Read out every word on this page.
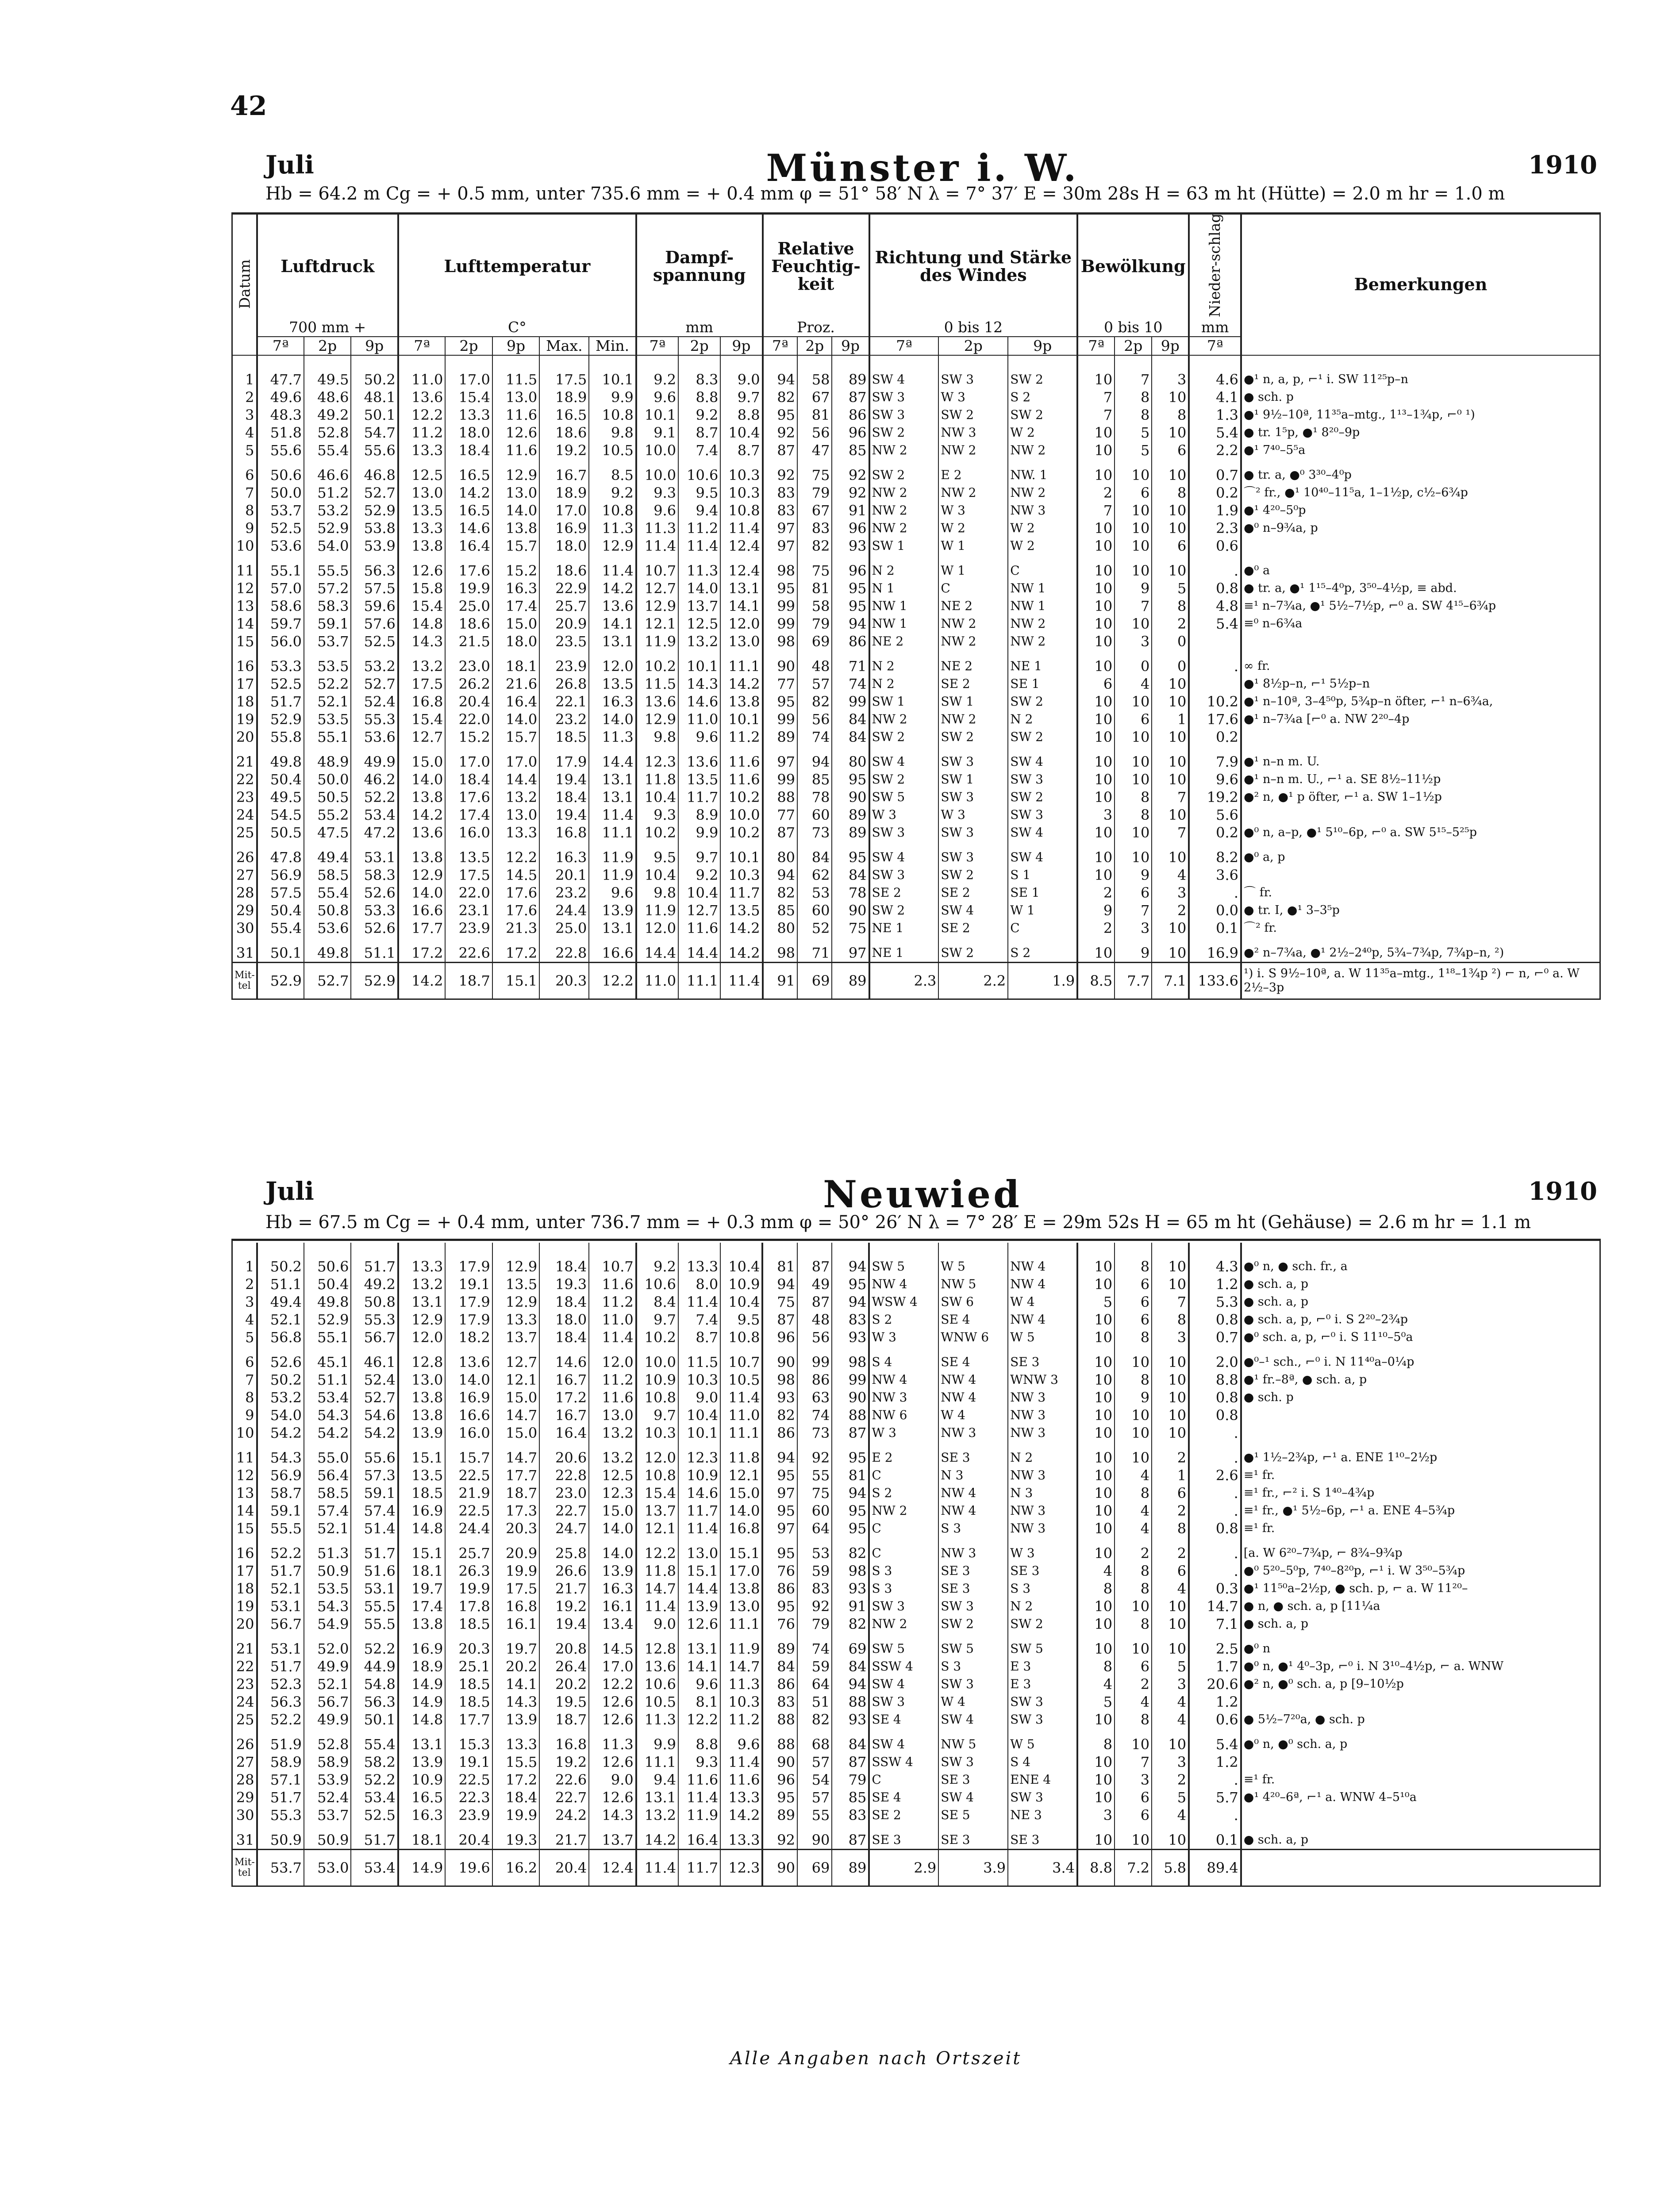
42
Juli	Münster i. W.	1910
Hb = 64.2 m Cg = + 0.5 mm, unter 735.6 mm = + 0.4 mm φ = 51° 58′ N λ = 7° 37′ E = 30m 28s H = 63 m ht (Hütte) = 2.0 m hr = 1.0 m
Datum	Luftdruck			Lufttemperatur					Dampf-spannung			Relative Feuchtig-keit			Richtung und Stärke des Windes			Bewölkung			Nieder-schlag	Bemerkungen
	700 mm +			C°					mm			Proz.			0 bis 12			0 bis 10			mm	
	7ª	2p	9p	7ª	2p	9p	Max.	Min.	7ª	2p	9p	7ª	2p	9p	7ª	2p	9p	7ª	2p	9p	7ª	

1	47.7	49.5	50.2	11.0	17.0	11.5	17.5	10.1	9.2	8.3	9.0	94	58	89	SW 4	SW 3	SW 2	10	7	3	4.6	●¹ n, a, p, ⌐¹ i. SW 11²⁵p–n
2	49.6	48.6	48.1	13.6	15.4	13.0	18.9	9.9	9.6	8.8	9.7	82	67	87	SW 3	W 3	S 2	7	8	10	4.1	● sch. p
3	48.3	49.2	50.1	12.2	13.3	11.6	16.5	10.8	10.1	9.2	8.8	95	81	86	SW 3	SW 2	SW 2	7	8	8	1.3	●¹ 9½–10ª, 11³⁵a–mtg., 1¹³–1¾p, ⌐⁰ ¹)
4	51.8	52.8	54.7	11.2	18.0	12.6	18.6	9.8	9.1	8.7	10.4	92	56	96	SW 2	NW 3	W 2	10	5	10	5.4	● tr. 1⁵p, ●¹ 8²⁰–9p
5	55.6	55.4	55.6	13.3	18.4	11.6	19.2	10.5	10.0	7.4	8.7	87	47	85	NW 2	NW 2	NW 2	10	5	6	2.2	●¹ 7⁴⁰–5⁵a

6	50.6	46.6	46.8	12.5	16.5	12.9	16.7	8.5	10.0	10.6	10.3	92	75	92	SW 2	E 2	NW. 1	10	10	10	0.7	● tr. a, ●⁰ 3³⁰–4⁰p
7	50.0	51.2	52.7	13.0	14.2	13.0	18.9	9.2	9.3	9.5	10.3	83	79	92	NW 2	NW 2	NW 2	2	6	8	0.2	⌒² fr., ●¹ 10⁴⁰–11⁵a, 1–1½p, c½–6¾p
8	53.7	53.2	52.9	13.5	16.5	14.0	17.0	10.8	9.6	9.4	10.8	83	67	91	NW 2	W 3	NW 3	7	10	10	1.9	●¹ 4²⁰–5⁰p
9	52.5	52.9	53.8	13.3	14.6	13.8	16.9	11.3	11.3	11.2	11.4	97	83	96	NW 2	W 2	W 2	10	10	10	2.3	●⁰ n–9¾a, p
10	53.6	54.0	53.9	13.8	16.4	15.7	18.0	12.9	11.4	11.4	12.4	97	82	93	SW 1	W 1	W 2	10	10	6	0.6	

11	55.1	55.5	56.3	12.6	17.6	15.2	18.6	11.4	10.7	11.3	12.4	98	75	96	N 2	W 1	C	10	10	10	.	●⁰ a
12	57.0	57.2	57.5	15.8	19.9	16.3	22.9	14.2	12.7	14.0	13.1	95	81	95	N 1	C	NW 1	10	9	5	0.8	● tr. a, ●¹ 1¹⁵–4⁰p, 3⁵⁰–4½p, ≡ abd.
13	58.6	58.3	59.6	15.4	25.0	17.4	25.7	13.6	12.9	13.7	14.1	99	58	95	NW 1	NE 2	NW 1	10	7	8	4.8	≡¹ n–7¾a, ●¹ 5½–7½p, ⌐⁰ a. SW 4¹⁵–6¾p
14	59.7	59.1	57.6	14.8	18.6	15.0	20.9	14.1	12.1	12.5	12.0	99	79	94	NW 1	NW 2	NW 2	10	10	2	5.4	≡⁰ n–6¾a
15	56.0	53.7	52.5	14.3	21.5	18.0	23.5	13.1	11.9	13.2	13.0	98	69	86	NE 2	NW 2	NW 2	10	3	0		

16	53.3	53.5	53.2	13.2	23.0	18.1	23.9	12.0	10.2	10.1	11.1	90	48	71	N 2	NE 2	NE 1	10	0	0	.	∞ fr.
17	52.5	52.2	52.7	17.5	26.2	21.6	26.8	13.5	11.5	14.3	14.2	77	57	74	N 2	SE 2	SE 1	6	4	10		●¹ 8½p–n, ⌐¹ 5½p–n
18	51.7	52.1	52.4	16.8	20.4	16.4	22.1	16.3	13.6	14.6	13.8	95	82	99	SW 1	SW 1	SW 2	10	10	10	10.2	●¹ n–10ª, 3–4⁵⁰p, 5¾p–n öfter, ⌐¹ n–6¾a,
19	52.9	53.5	55.3	15.4	22.0	14.0	23.2	14.0	12.9	11.0	10.1	99	56	84	NW 2	NW 2	N 2	10	6	1	17.6	●¹ n–7¾a [⌐⁰ a. NW 2²⁰–4p
20	55.8	55.1	53.6	12.7	15.2	15.7	18.5	11.3	9.8	9.6	11.2	89	74	84	SW 2	SW 2	SW 2	10	10	10	0.2	

21	49.8	48.9	49.9	15.0	17.0	17.0	17.9	14.4	12.3	13.6	11.6	97	94	80	SW 4	SW 3	SW 4	10	10	10	7.9	●¹ n–n m. U.
22	50.4	50.0	46.2	14.0	18.4	14.4	19.4	13.1	11.8	13.5	11.6	99	85	95	SW 2	SW 1	SW 3	10	10	10	9.6	●¹ n–n m. U., ⌐¹ a. SE 8½–11½p
23	49.5	50.5	52.2	13.8	17.6	13.2	18.4	13.1	10.4	11.7	10.2	88	78	90	SW 5	SW 3	SW 2	10	8	7	19.2	●² n, ●¹ p öfter, ⌐¹ a. SW 1–1½p
24	54.5	55.2	53.4	14.2	17.4	13.0	19.4	11.4	9.3	8.9	10.0	77	60	89	W 3	W 3	SW 3	3	8	10	5.6	
25	50.5	47.5	47.2	13.6	16.0	13.3	16.8	11.1	10.2	9.9	10.2	87	73	89	SW 3	SW 3	SW 4	10	10	7	0.2	●⁰ n, a–p, ●¹ 5¹⁰–6p, ⌐⁰ a. SW 5¹⁵–5²⁵p

26	47.8	49.4	53.1	13.8	13.5	12.2	16.3	11.9	9.5	9.7	10.1	80	84	95	SW 4	SW 3	SW 4	10	10	10	8.2	●⁰ a, p
27	56.9	58.5	58.3	12.9	17.5	14.5	20.1	11.9	10.4	9.2	10.3	94	62	84	SW 3	SW 2	S 1	10	9	4	3.6	
28	57.5	55.4	52.6	14.0	22.0	17.6	23.2	9.6	9.8	10.4	11.7	82	53	78	SE 2	SE 2	SE 1	2	6	3	.	⌒ fr.
29	50.4	50.8	53.3	16.6	23.1	17.6	24.4	13.9	11.9	12.7	13.5	85	60	90	SW 2	SW 4	W 1	9	7	2	0.0	● tr. I, ●¹ 3–3⁵p
30	55.4	53.6	52.6	17.7	23.9	21.3	25.0	13.1	12.0	11.6	14.2	80	52	75	NE 1	SE 2	C	2	3	10	0.1	⌒² fr.

31	50.1	49.8	51.1	17.2	22.6	17.2	22.8	16.6	14.4	14.4	14.2	98	71	97	NE 1	SW 2	S 2	10	9	10	16.9	●² n–7¾a, ●¹ 2½–2⁴⁰p, 5¾–7¾p, 7¾p–n, ²)
Mit-tel	52.9	52.7	52.9	14.2	18.7	15.1	20.3	12.2	11.0	11.1	11.4	91	69	89	2.3	2.2	1.9	8.5	7.7	7.1	133.6	¹) i. S 9½–10ª, a. W 11³⁵a–mtg., 1¹⁸–1¾p ²) ⌐ n, ⌐⁰ a. W 2½–3p
Juli	Neuwied	1910
Hb = 67.5 m Cg = + 0.4 mm, unter 736.7 mm = + 0.3 mm φ = 50° 26′ N λ = 7° 28′ E = 29m 52s H = 65 m ht (Gehäuse) = 2.6 m hr = 1.1 m

1	50.2	50.6	51.7	13.3	17.9	12.9	18.4	10.7	9.2	13.3	10.4	81	87	94	SW 5	W 5	NW 4	10	8	10	4.3	●⁰ n, ● sch. fr., a
2	51.1	50.4	49.2	13.2	19.1	13.5	19.3	11.6	10.6	8.0	10.9	94	49	95	NW 4	NW 5	NW 4	10	6	10	1.2	● sch. a, p
3	49.4	49.8	50.8	13.1	17.9	12.9	18.4	11.2	8.4	11.4	10.4	75	87	94	WSW 4	SW 6	W 4	5	6	7	5.3	● sch. a, p
4	52.1	52.9	55.3	12.9	17.9	13.3	18.0	11.0	9.7	7.4	9.5	87	48	83	S 2	SE 4	NW 4	10	6	8	0.8	● sch. a, p, ⌐⁰ i. S 2²⁰–2¾p
5	56.8	55.1	56.7	12.0	18.2	13.7	18.4	11.4	10.2	8.7	10.8	96	56	93	W 3	WNW 6	W 5	10	8	3	0.7	●⁰ sch. a, p, ⌐⁰ i. S 11¹⁰–5⁰a

6	52.6	45.1	46.1	12.8	13.6	12.7	14.6	12.0	10.0	11.5	10.7	90	99	98	S 4	SE 4	SE 3	10	10	10	2.0	●⁰–¹ sch., ⌐⁰ i. N 11⁴⁰a–0¼p
7	50.2	51.1	52.4	13.0	14.0	12.1	16.7	11.2	10.9	10.3	10.5	98	86	99	NW 4	NW 4	WNW 3	10	8	10	8.8	●¹ fr.–8ª, ● sch. a, p
8	53.2	53.4	52.7	13.8	16.9	15.0	17.2	11.6	10.8	9.0	11.4	93	63	90	NW 3	NW 4	NW 3	10	9	10	0.8	● sch. p
9	54.0	54.3	54.6	13.8	16.6	14.7	16.7	13.0	9.7	10.4	11.0	82	74	88	NW 6	W 4	NW 3	10	10	10	0.8	
10	54.2	54.2	54.2	13.9	16.0	15.0	16.4	13.2	10.3	10.1	11.1	86	73	87	W 3	NW 3	NW 3	10	10	10	.	

11	54.3	55.0	55.6	15.1	15.7	14.7	20.6	13.2	12.0	12.3	11.8	94	92	95	E 2	SE 3	N 2	10	10	2	.	●¹ 1½–2¾p, ⌐¹ a. ENE 1¹⁰–2½p
12	56.9	56.4	57.3	13.5	22.5	17.7	22.8	12.5	10.8	10.9	12.1	95	55	81	C	N 3	NW 3	10	4	1	2.6	≡¹ fr.
13	58.7	58.5	59.1	18.5	21.9	18.7	23.0	12.3	15.4	14.6	15.0	97	75	94	S 2	NW 4	N 3	10	8	6	.	≡¹ fr., ⌐² i. S 1⁴⁰–4¾p
14	59.1	57.4	57.4	16.9	22.5	17.3	22.7	15.0	13.7	11.7	14.0	95	60	95	NW 2	NW 4	NW 3	10	4	2	.	≡¹ fr., ●¹ 5½–6p, ⌐¹ a. ENE 4–5¾p
15	55.5	52.1	51.4	14.8	24.4	20.3	24.7	14.0	12.1	11.4	16.8	97	64	95	C	S 3	NW 3	10	4	8	0.8	≡¹ fr.

16	52.2	51.3	51.7	15.1	25.7	20.9	25.8	14.0	12.2	13.0	15.1	95	53	82	C	NW 3	W 3	10	2	2	.	[a. W 6²⁰–7¾p, ⌐ 8¾–9¾p
17	51.7	50.9	51.6	18.1	26.3	19.9	26.6	13.9	11.8	15.1	17.0	76	59	98	S 3	SE 3	SE 3	4	8	6	.	●⁰ 5²⁰–5⁰p, 7⁴⁰–8²⁰p, ⌐¹ i. W 3⁵⁰–5¾p
18	52.1	53.5	53.1	19.7	19.9	17.5	21.7	16.3	14.7	14.4	13.8	86	83	93	S 3	SE 3	S 3	8	8	4	0.3	●¹ 11⁵⁰a–2½p, ● sch. p, ⌐ a. W 11²⁰–
19	53.1	54.3	55.5	17.4	17.8	16.8	19.2	16.1	11.4	13.9	13.0	95	92	91	SW 3	SW 3	N 2	10	10	10	14.7	● n, ● sch. a, p [11¼a
20	56.7	54.9	55.5	13.8	18.5	16.1	19.4	13.4	9.0	12.6	11.1	76	79	82	NW 2	SW 2	SW 2	10	8	10	7.1	● sch. a, p

21	53.1	52.0	52.2	16.9	20.3	19.7	20.8	14.5	12.8	13.1	11.9	89	74	69	SW 5	SW 5	SW 5	10	10	10	2.5	●⁰ n
22	51.7	49.9	44.9	18.9	25.1	20.2	26.4	17.0	13.6	14.1	14.7	84	59	84	SSW 4	S 3	E 3	8	6	5	1.7	●⁰ n, ●¹ 4⁰–3p, ⌐⁰ i. N 3¹⁰–4½p, ⌐ a. WNW
23	52.3	52.1	54.8	14.9	18.5	14.1	20.2	12.2	10.6	9.6	11.3	86	64	94	SW 4	SW 3	E 3	4	2	3	20.6	●² n, ●⁰ sch. a, p [9–10½p
24	56.3	56.7	56.3	14.9	18.5	14.3	19.5	12.6	10.5	8.1	10.3	83	51	88	SW 3	W 4	SW 3	5	4	4	1.2	
25	52.2	49.9	50.1	14.8	17.7	13.9	18.7	12.6	11.3	12.2	11.2	88	82	93	SE 4	SW 4	SW 3	10	8	4	0.6	● 5½–7²⁰a, ● sch. p

26	51.9	52.8	55.4	13.1	15.3	13.3	16.8	11.3	9.9	8.8	9.6	88	68	84	SW 4	NW 5	W 5	8	10	10	5.4	●⁰ n, ●⁰ sch. a, p
27	58.9	58.9	58.2	13.9	19.1	15.5	19.2	12.6	11.1	9.3	11.4	90	57	87	SSW 4	SW 3	S 4	10	7	3	1.2	
28	57.1	53.9	52.2	10.9	22.5	17.2	22.6	9.0	9.4	11.6	11.6	96	54	79	C	SE 3	ENE 4	10	3	2	.	≡¹ fr.
29	51.7	52.4	53.4	16.5	22.3	18.4	22.7	12.6	13.1	11.4	13.3	95	57	85	SE 4	SW 4	SW 3	10	6	5	5.7	●¹ 4²⁰–6ª, ⌐¹ a. WNW 4–5¹⁰a
30	55.3	53.7	52.5	16.3	23.9	19.9	24.2	14.3	13.2	11.9	14.2	89	55	83	SE 2	SE 5	NE 3	3	6	4	.	

31	50.9	50.9	51.7	18.1	20.4	19.3	21.7	13.7	14.2	16.4	13.3	92	90	87	SE 3	SE 3	SE 3	10	10	10	0.1	● sch. a, p
Mit-tel	53.7	53.0	53.4	14.9	19.6	16.2	20.4	12.4	11.4	11.7	12.3	90	69	89	2.9	3.9	3.4	8.8	7.2	5.8	89.4	
Alle Angaben nach Ortszeit
